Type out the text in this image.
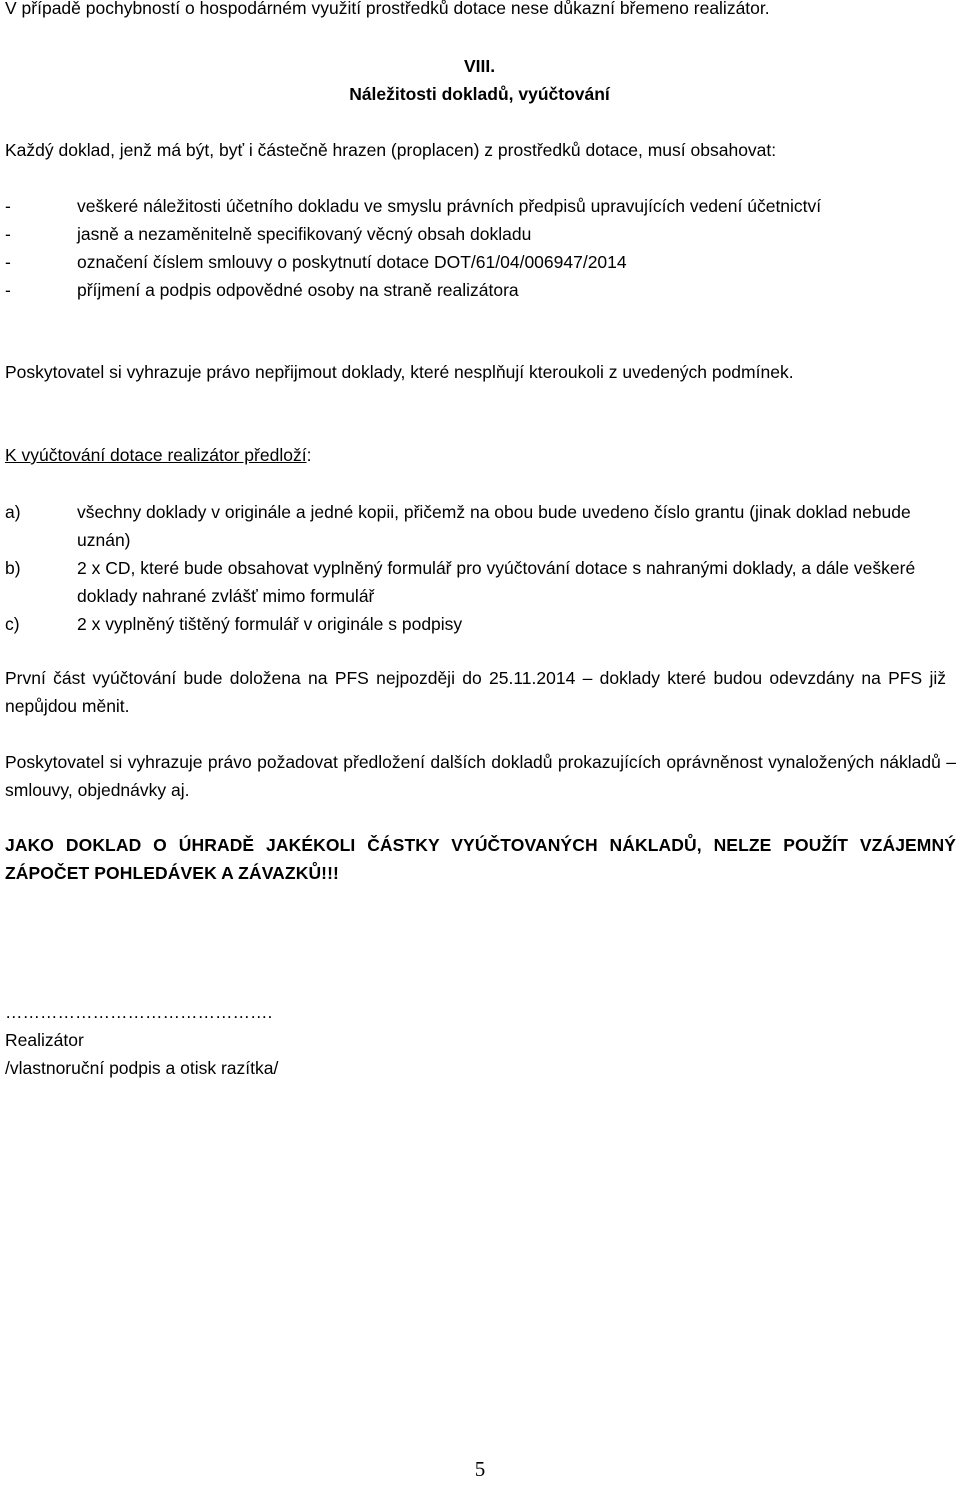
V případě pochybností o hospodárném využití prostředků dotace nese důkazní břemeno realizátor.

VIII.

Náležitosti dokladů, vyúčtování

Každý doklad, jenž má být, byť i částečně hrazen (proplacen) z prostředků dotace, musí obsahovat:

-	veškeré náležitosti účetního dokladu ve smyslu právních předpisů upravujících vedení účetnictví
-	jasně a nezaměnitelně specifikovaný věcný obsah dokladu
-	označení číslem smlouvy o poskytnutí dotace DOT/61/04/006947/2014
-	příjmení a podpis odpovědné osoby na straně realizátora

Poskytovatel si vyhrazuje právo nepřijmout doklady, které nesplňují kteroukoli z uvedených podmínek.

K vyúčtování dotace realizátor předloží:

a)	všechny doklady v originále a jedné kopii, přičemž na obou bude uvedeno číslo grantu (jinak doklad nebude uznán)
b)	2 x CD, které bude obsahovat vyplněný formulář pro vyúčtování dotace s nahranými doklady, a dále veškeré doklady nahrané zvlášť mimo formulář
c)	2 x vyplněný tištěný formulář v originále s podpisy

První část vyúčtování bude doložena na PFS nejpozději do 25.11.2014 – doklady které budou odevzdány na PFS již nepůjdou měnit.

Poskytovatel si vyhrazuje právo požadovat předložení dalších dokladů prokazujících oprávněnost vynaložených nákladů – smlouvy, objednávky aj.

JAKO DOKLAD O ÚHRADĚ JAKÉKOLI ČÁSTKY VYÚČTOVANÝCH NÁKLADŮ, NELZE POUŽÍT VZÁJEMNÝ ZÁPOČET POHLEDÁVEK A ZÁVAZKŮ!!!

……………………………………….

Realizátor

/vlastnoruční podpis a otisk razítka/

5
